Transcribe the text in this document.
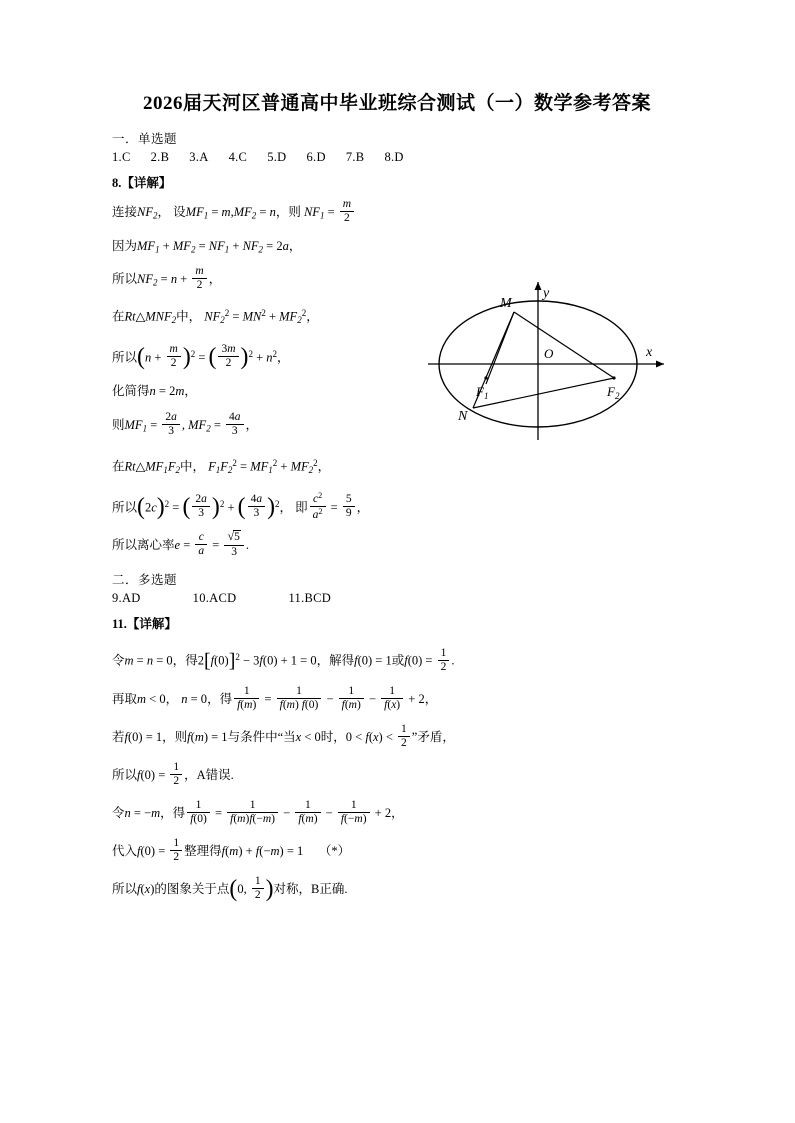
2026届天河区普通高中毕业班综合测试（一）数学参考答案
一．单选题
1.C 2.B 3.A 4.C 5.D 6.D 7.B 8.D
8.【详解】
连接$NF_2$， 设$MF_1 = m,MF_2 = n$，则 $NF_1 = \frac{m}{2}$
因为$MF_1 + MF_2 = NF_1 + NF_2 = 2a$，
所以$NF_2 = n + \frac{m}{2}$ ，
在$Rt\triangle MNF_2$中， $NF_2^2 = MN^2 + MF_2^2$，
所以$(n + \frac{m}{2} )^2$ = ( $\frac{3m}{2} )^2 + n^2$，
化简得n = 2m，
则$MF_1 = \frac{2a}{3}$ , $MF_2 = \frac{4a}{3}$ ，
在$Rt\triangle MF_1F_2$中， $F_1F_2^2 = MF_1^2 + MF_2^2$，
所以$(2c)^2$ = ( $\frac{2a}{3} )^2$ + ( $\frac{4a}{3} )^2$， 即 $\frac{c^2}{a^2} = \frac{5}{9}$ ，
所以离心率$e = \frac{c}{a} = \frac{√5}{3}$ .
二．多选题
9.AD	10.ACD	11.BCD
11.【详解】
令m = n = 0，得$2[f(0)]^2 - 3f(0) + 1 = 0$，解得f(0) = 1或$f(0) = \frac{1}{2}$ .
再取m < 0， n = 0，得 $\frac{1}{f(m)} = \frac{1}{f(m) f(0)} - \frac{1}{f(m)} - \frac{1}{f(x)} + 2$，
若f(0) = 1，则f(m) = 1与条件中“当x < 0时，$0 < f(x) < \frac{1}{2}$ ”矛盾，
所以$f(0) = \frac{1}{2}$ ，A错误.
令n = −m，得 $\frac{1}{f(0)} = \frac{1}{f(m)f(-m)} - \frac{1}{f(m)} - \frac{1}{f(-m)} + 2$，
代入$f(0) = \frac{1}{2}$ 整理得f(m) + f(−m) = 1 （*）
所以f(x)的图象关于点(0, $\frac{1}{2}$ )对称，B正确.
M
N
y
x
O
$F_1$	$F_2$
